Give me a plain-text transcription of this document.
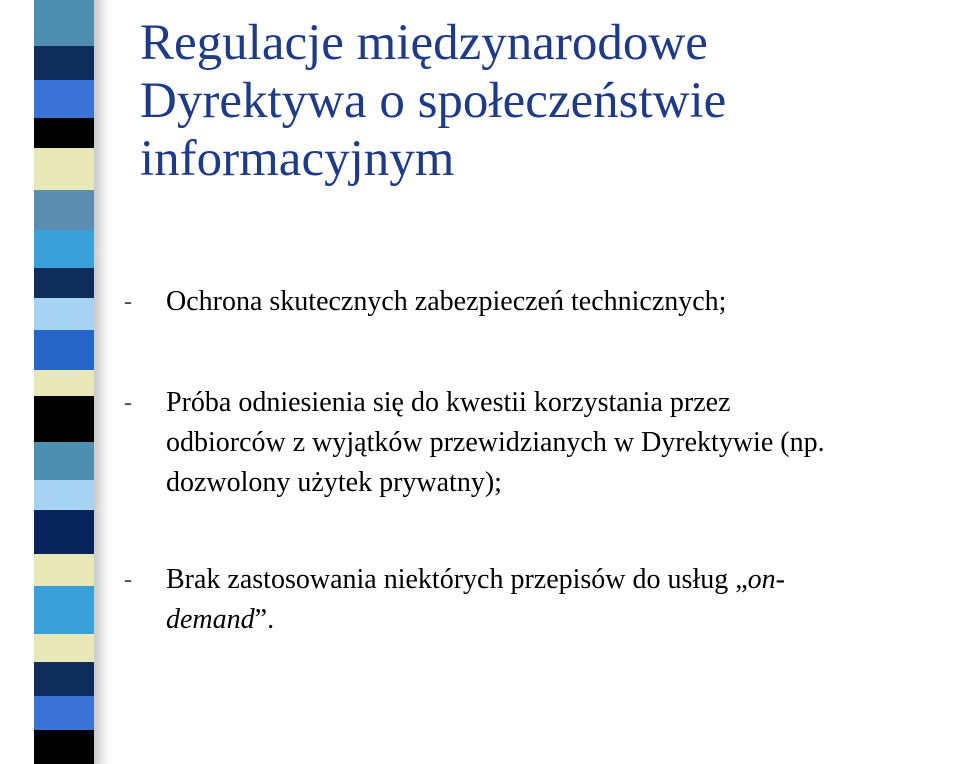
Regulacje międzynarodowe
Dyrektywa o społeczeństwie
informacyjnym
- Ochrona skutecznych zabezpieczeń technicznych;
- Próba odniesienia się do kwestii korzystania przez
odbiorców z wyjątków przewidzianych w Dyrektywie (np.
dozwolony użytek prywatny);
- Brak zastosowania niektórych przepisów do usług „on-
demand”.
